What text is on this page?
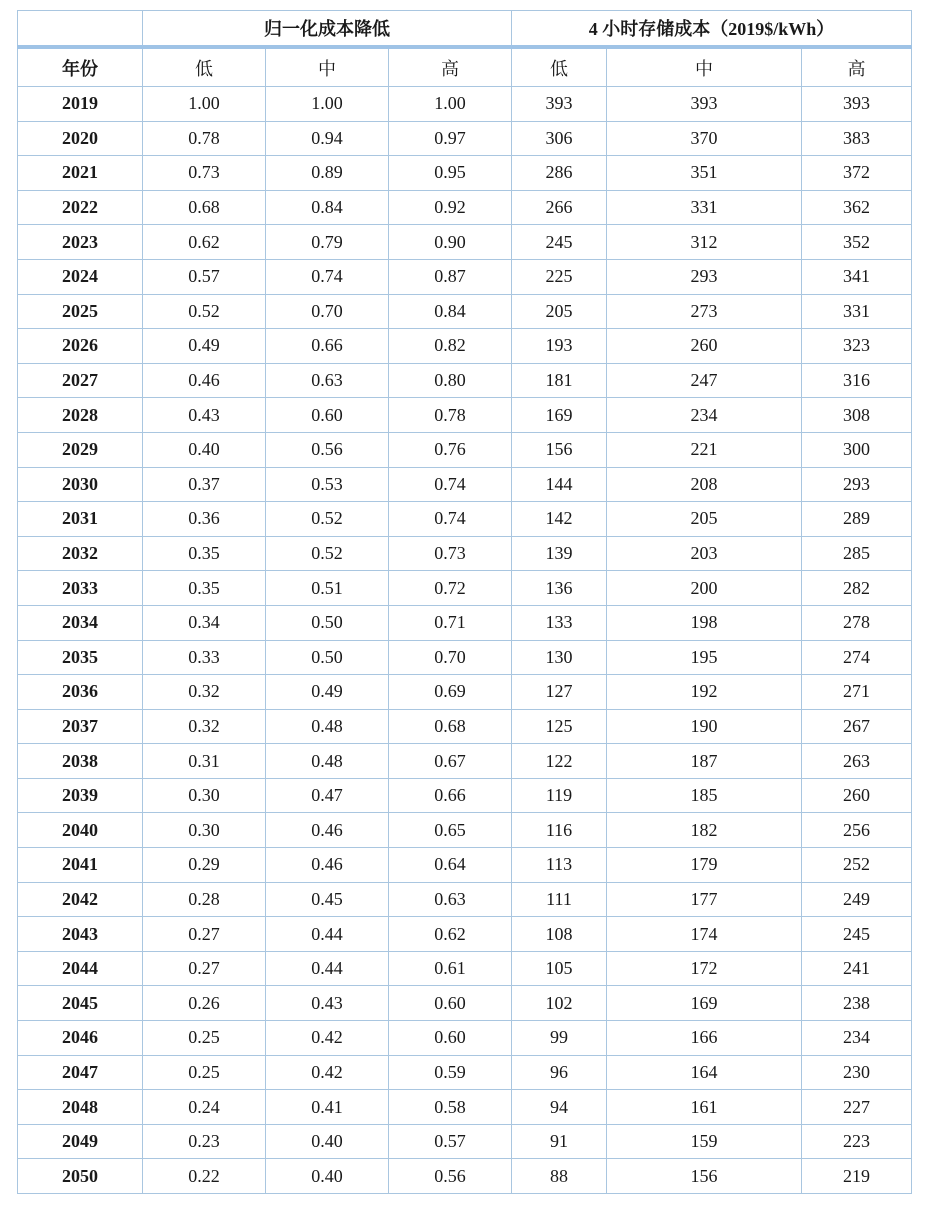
	归一化成本降低			4 小时存储成本（2019$/kWh）		
年份	低	中	高	低	中	高
2019	1.00	1.00	1.00	393	393	393
2020	0.78	0.94	0.97	306	370	383
2021	0.73	0.89	0.95	286	351	372
2022	0.68	0.84	0.92	266	331	362
2023	0.62	0.79	0.90	245	312	352
2024	0.57	0.74	0.87	225	293	341
2025	0.52	0.70	0.84	205	273	331
2026	0.49	0.66	0.82	193	260	323
2027	0.46	0.63	0.80	181	247	316
2028	0.43	0.60	0.78	169	234	308
2029	0.40	0.56	0.76	156	221	300
2030	0.37	0.53	0.74	144	208	293
2031	0.36	0.52	0.74	142	205	289
2032	0.35	0.52	0.73	139	203	285
2033	0.35	0.51	0.72	136	200	282
2034	0.34	0.50	0.71	133	198	278
2035	0.33	0.50	0.70	130	195	274
2036	0.32	0.49	0.69	127	192	271
2037	0.32	0.48	0.68	125	190	267
2038	0.31	0.48	0.67	122	187	263
2039	0.30	0.47	0.66	119	185	260
2040	0.30	0.46	0.65	116	182	256
2041	0.29	0.46	0.64	113	179	252
2042	0.28	0.45	0.63	111	177	249
2043	0.27	0.44	0.62	108	174	245
2044	0.27	0.44	0.61	105	172	241
2045	0.26	0.43	0.60	102	169	238
2046	0.25	0.42	0.60	99	166	234
2047	0.25	0.42	0.59	96	164	230
2048	0.24	0.41	0.58	94	161	227
2049	0.23	0.40	0.57	91	159	223
2050	0.22	0.40	0.56	88	156	219
